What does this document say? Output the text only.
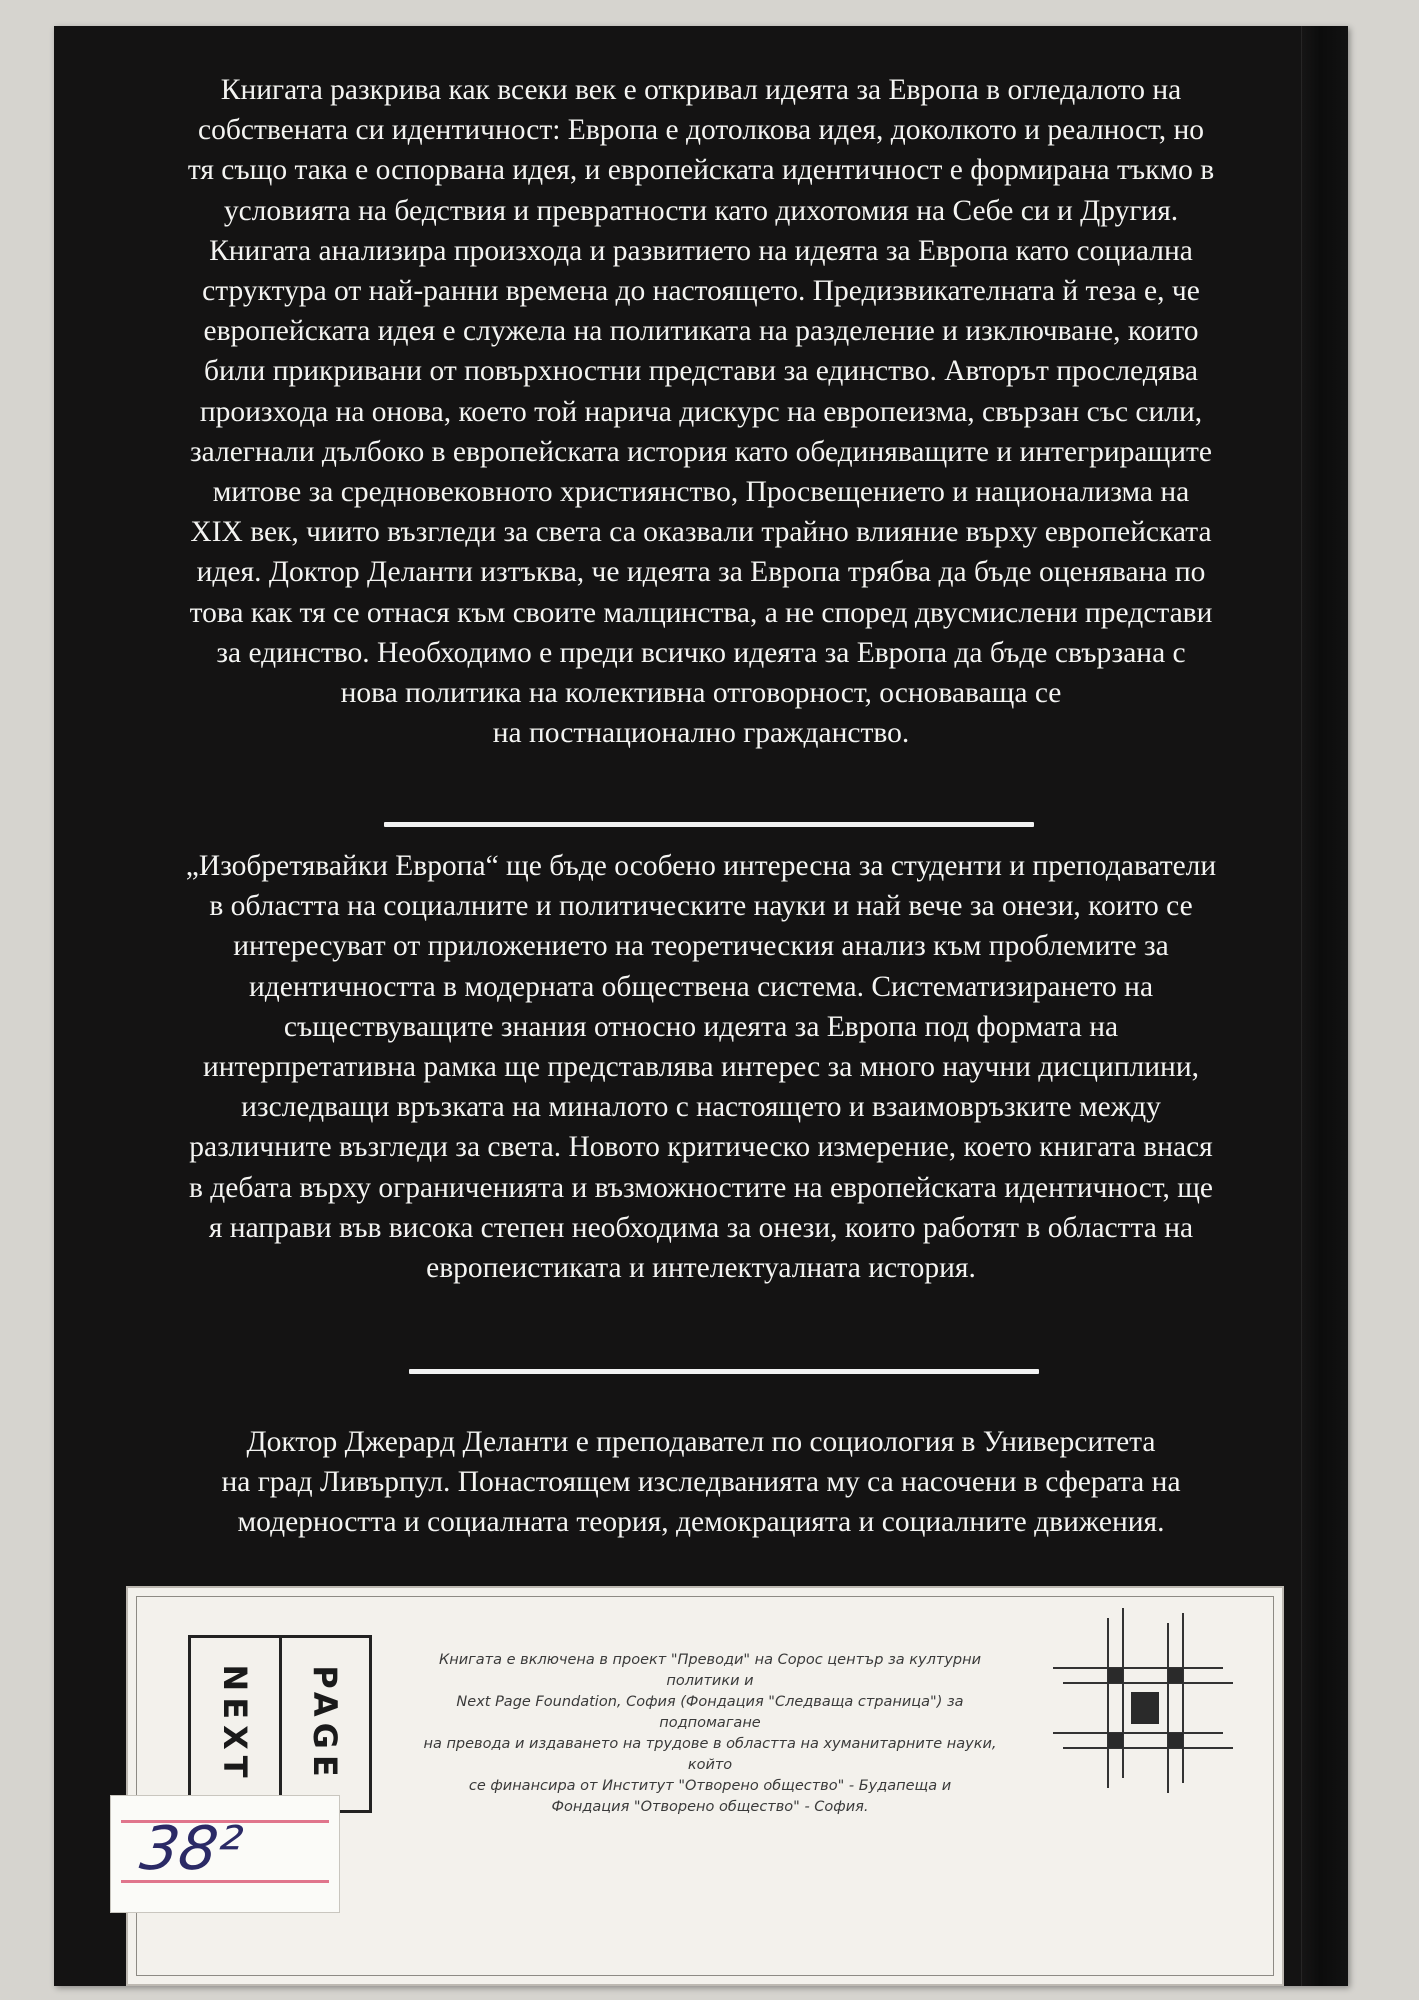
Книгата разкрива как всеки век е откривал идеята за Европа в огледалото на
собствената си идентичност: Европа е дотолкова идея, доколкото и реалност, но
тя също така е оспорвана идея, и европейската идентичност е формирана тъкмо в
условията на бедствия и превратности като дихотомия на Себе си и Другия.
Книгата анализира произхода и развитието на идеята за Европа като социална
структура от най-ранни времена до настоящето. Предизвикателната й теза е, че
европейската идея е служела на политиката на разделение и изключване, които
били прикривани от повърхностни представи за единство. Авторът проследява
произхода на онова, което той нарича дискурс на европеизма, свързан със сили,
залегнали дълбоко в европейската история като обединяващите и интегриращите
митове за средновековното християнство, Просвещението и национализма на
XIX век, чиито възгледи за света са оказвали трайно влияние върху европейската
идея. Доктор Деланти изтъква, че идеята за Европа трябва да бъде оценявана по
това как тя се отнася към своите малцинства, а не според двусмислени представи
за единство. Необходимо е преди всичко идеята за Европа да бъде свързана с
нова политика на колективна отговорност, основаваща се
на постнационално гражданство.

„Изобретявайки Европа“ ще бъде особено интересна за студенти и преподаватели
в областта на социалните и политическите науки и най вече за онези, които се
интересуват от приложението на теоретическия анализ към проблемите за
идентичността в модерната обществена система. Систематизирането на
съществуващите знания относно идеята за Европа под формата на
интерпретативна рамка ще представлява интерес за много научни дисциплини,
изследващи връзката на миналото с настоящето и взаимовръзките между
различните възгледи за света. Новото критическо измерение, което книгата внася
в дебата върху ограниченията и възможностите на европейската идентичност, ще
я направи във висока степен необходима за онези, които работят в областта на
европеистиката и интелектуалната история.

Доктор Джерард Деланти е преподавател по социология в Университета
на град Ливърпул. Понастоящем изследванията му са насочени в сферата на
модерността и социалната теория, демокрацията и социалните движения.

NEXT PAGE

Книгата е включена в проект "Преводи" на Сорос център за културни политики и
Next Page Foundation, София (Фондация "Следваща страница") за подпомагане
на превода и издаването на трудове в областта на хуманитарните науки, който
се финансира от Институт "Отворено общество" - Будапеща и
Фондация "Отворено общество" - София.

38²
